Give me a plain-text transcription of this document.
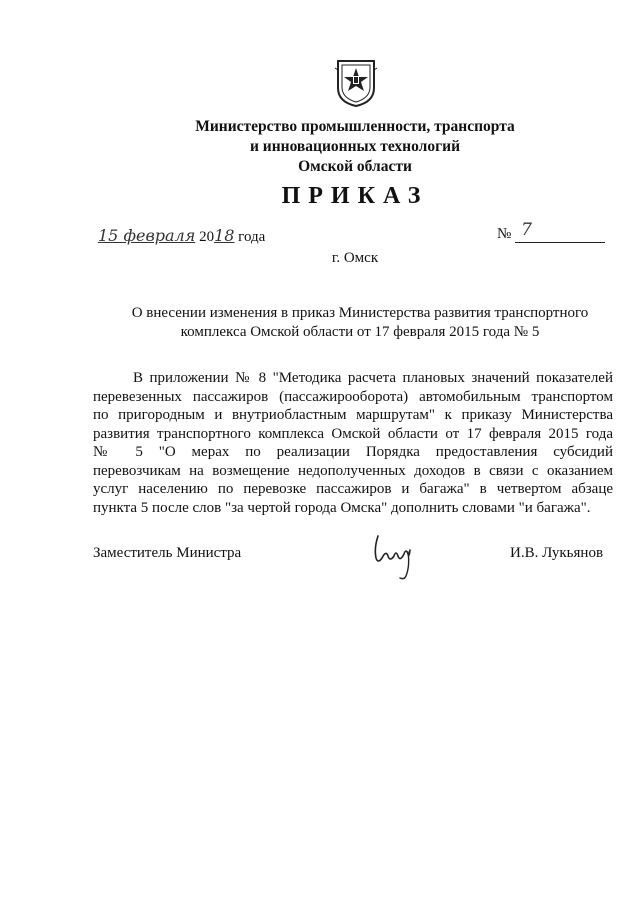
Министерство промышленности, транспорта
и инновационных технологий
Омской области
ПРИКАЗ
15 февраля 2018 года	№ 7
г. Омск
О внесении изменения в приказ Министерства развития транспортного
комплекса Омской области от 17 февраля 2015 года № 5
В приложении № 8 "Методика расчета плановых значений показателей
перевезенных пассажиров (пассажирооборота) автомобильным транспортом
по пригородным и внутриобластным маршрутам" к приказу Министерства
развития транспортного комплекса Омской области от 17 февраля 2015 года
№ 5 "О мерах по реализации Порядка предоставления субсидий
перевозчикам на возмещение недополученных доходов в связи с оказанием
услуг населению по перевозке пассажиров и багажа" в четвертом абзаце
пункта 5 после слов "за чертой города Омска" дополнить словами "и багажа".
Заместитель Министра	И.В. Лукьянов
